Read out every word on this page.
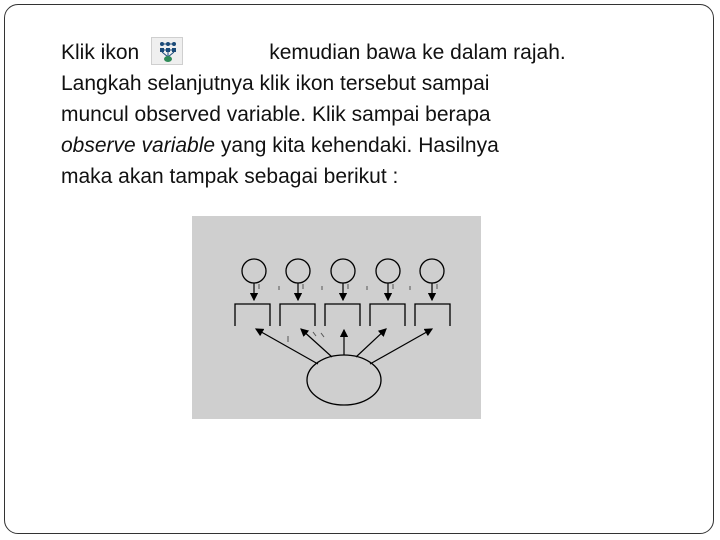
Klik ikon	kemudian bawa ke dalam rajah.
Langkah selanjutnya klik ikon tersebut sampai
muncul observed variable. Klik sampai berapa
observe variable yang kita kehendaki. Hasilnya
maka akan tampak sebagai berikut :
